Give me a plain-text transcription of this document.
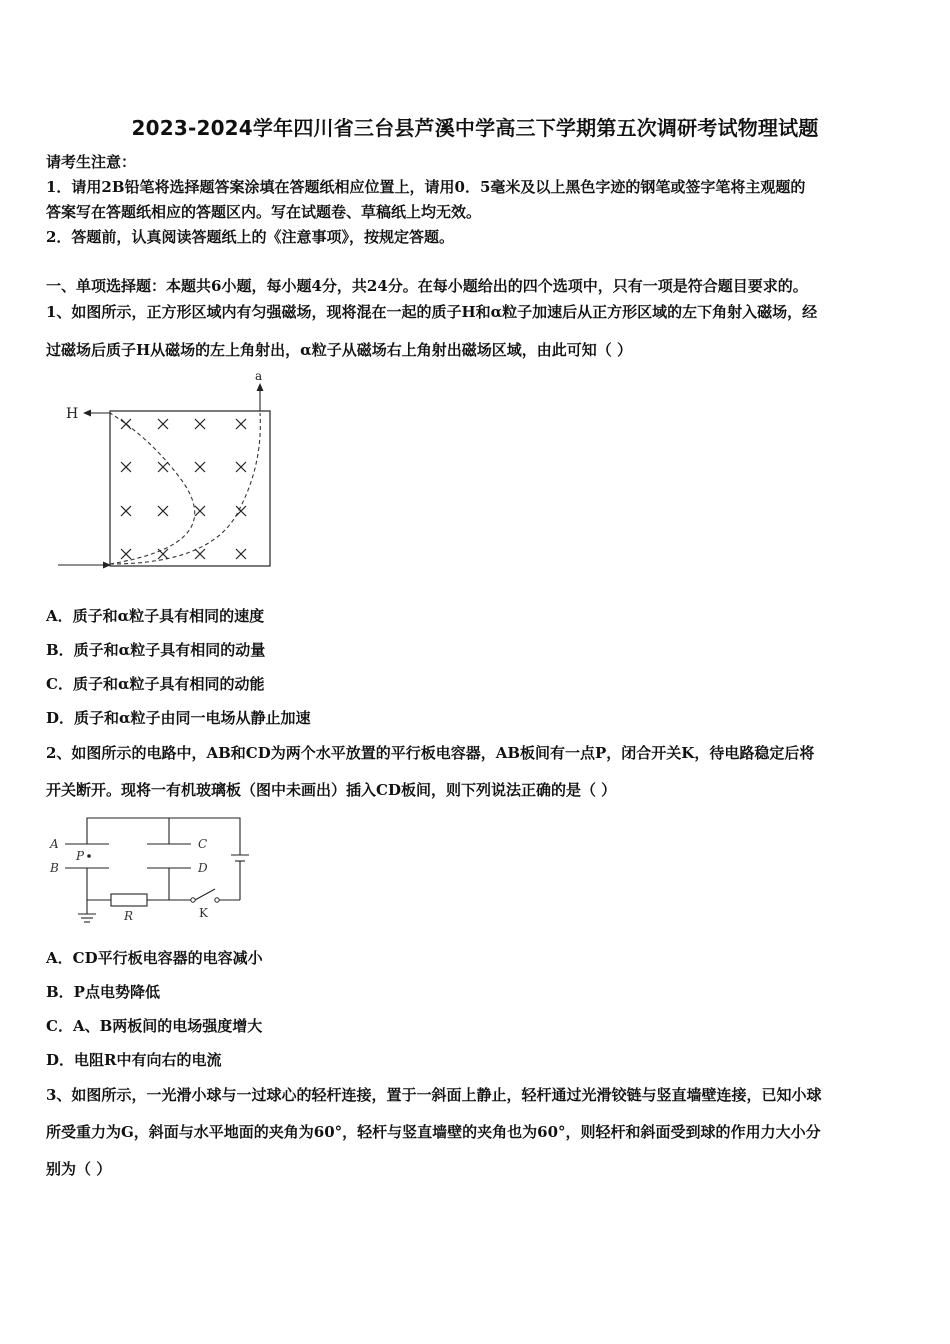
2023-2024学年四川省三台县芦溪中学高三下学期第五次调研考试物理试题
请考生注意：
1．请用2B铅笔将选择题答案涂填在答题纸相应位置上，请用0．5毫米及以上黑色字迹的钢笔或签字笔将主观题的
答案写在答题纸相应的答题区内。写在试题卷、草稿纸上均无效。
2．答题前，认真阅读答题纸上的《注意事项》，按规定答题。
一、单项选择题：本题共6小题，每小题4分，共24分。在每小题给出的四个选项中，只有一项是符合题目要求的。
1、如图所示，正方形区域内有匀强磁场，现将混在一起的质子H和α粒子加速后从正方形区域的左下角射入磁场，经
过磁场后质子H从磁场的左上角射出，α粒子从磁场右上角射出磁场区域，由此可知（ ）
H
a
A．质子和α粒子具有相同的速度
B．质子和α粒子具有相同的动量
C．质子和α粒子具有相同的动能
D．质子和α粒子由同一电场从静止加速
2、如图所示的电路中，AB和CD为两个水平放置的平行板电容器，AB板间有一点P，闭合开关K，待电路稳定后将
开关断开。现将一有机玻璃板（图中未画出）插入CD板间，则下列说法正确的是（ ）
A
B
P
C
D
R	K
A．CD平行板电容器的电容减小
B．P点电势降低
C．A、B两板间的电场强度增大
D．电阻R中有向右的电流
3、如图所示，一光滑小球与一过球心的轻杆连接，置于一斜面上静止，轻杆通过光滑铰链与竖直墙壁连接，已知小球
所受重力为G，斜面与水平地面的夹角为60°，轻杆与竖直墙壁的夹角也为60°，则轻杆和斜面受到球的作用力大小分
别为（ ）
